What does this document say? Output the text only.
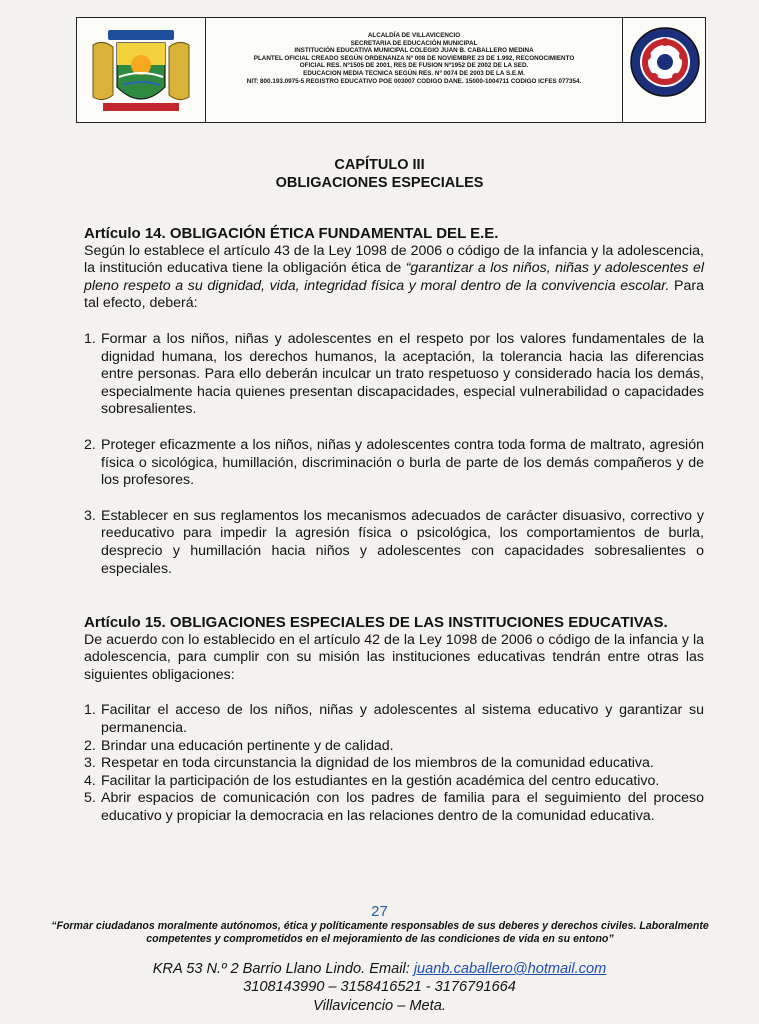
ALCALDÍA DE VILLAVICENCIO
SECRETARIA DE EDUCACIÓN MUNICIPAL
INSTITUCIÓN EDUCATIVA MUNICIPAL COLEGIO JUAN B. CABALLERO MEDINA
PLANTEL OFICIAL CREADO SEGÚN ORDENANZA Nº 008 DE NOVIEMBRE 23 DE 1.992, RECONOCIMIENTO
OFICIAL RES. Nº1505 DE 2001, RES DE FUSION Nº1952 DE 2002 DE LA SED.
EDUCACION MEDIA TECNICA SEGÚN RES. Nº 0074 DE 2003 DE LA S.E.M.
NIT: 800.193.0975-5 REGISTRO EDUCATIVO POE 003007 CODIGO DANE. 15000-1004711 CODIGO ICFES 077354.
CAPÍTULO III
OBLIGACIONES ESPECIALES
Artículo 14. OBLIGACIÓN ÉTICA FUNDAMENTAL DEL E.E.
Según lo establece el artículo 43 de la Ley 1098 de 2006 o código de la infancia y la adolescencia, la institución educativa tiene la obligación ética de “garantizar a los niños, niñas y adolescentes el pleno respeto a su dignidad, vida, integridad física y moral dentro de la convivencia escolar. Para tal efecto, deberá:
1. Formar a los niños, niñas y adolescentes en el respeto por los valores fundamentales de la dignidad humana, los derechos humanos, la aceptación, la tolerancia hacia las diferencias entre personas. Para ello deberán inculcar un trato respetuoso y considerado hacia los demás, especialmente hacia quienes presentan discapacidades, especial vulnerabilidad o capacidades sobresalientes.
2. Proteger eficazmente a los niños, niñas y adolescentes contra toda forma de maltrato, agresión física o sicológica, humillación, discriminación o burla de parte de los demás compañeros y de los profesores.
3. Establecer en sus reglamentos los mecanismos adecuados de carácter disuasivo, correctivo y reeducativo para impedir la agresión física o psicológica, los comportamientos de burla, desprecio y humillación hacia niños y adolescentes con capacidades sobresalientes o especiales.
Artículo 15. OBLIGACIONES ESPECIALES DE LAS INSTITUCIONES EDUCATIVAS.
De acuerdo con lo establecido en el artículo 42 de la Ley 1098 de 2006 o código de la infancia y la adolescencia, para cumplir con su misión las instituciones educativas tendrán entre otras las siguientes obligaciones:
1. Facilitar el acceso de los niños, niñas y adolescentes al sistema educativo y garantizar su permanencia.
2. Brindar una educación pertinente y de calidad.
3. Respetar en toda circunstancia la dignidad de los miembros de la comunidad educativa.
4. Facilitar la participación de los estudiantes en la gestión académica del centro educativo.
5. Abrir espacios de comunicación con los padres de familia para el seguimiento del proceso educativo y propiciar la democracia en las relaciones dentro de la comunidad educativa.
27
“Formar ciudadanos moralmente autónomos, ética y políticamente responsables de sus deberes y derechos civiles. Laboralmente competentes y comprometidos en el mejoramiento de las condiciones de vida en su entono”
KRA 53 N.º 2 Barrio Llano Lindo. Email: juanb.caballero@hotmail.com
3108143990 – 3158416521 - 3176791664
Villavicencio – Meta.
